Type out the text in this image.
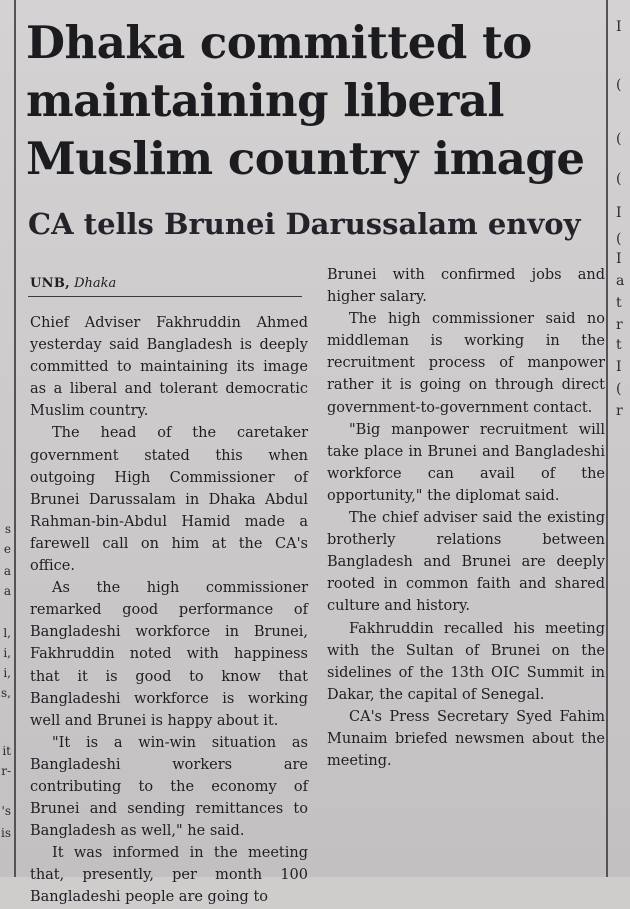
s
e
a
a
l,
i,
i,
s,
it
r-
's
is
Dhaka committed to maintaining liberal Muslim country image
CA tells Brunei Darussalam envoy
UNB, Dhaka

Chief Adviser Fakhruddin Ahmed yesterday said Bangladesh is deeply committed to maintaining its image as a liberal and tolerant democratic Muslim country.

The head of the caretaker government stated this when outgoing High Commissioner of Brunei Darussalam in Dhaka Abdul Rahman-bin-Abdul Hamid made a farewell call on him at the CA's office.

As the high commissioner remarked good performance of Bangladeshi workforce in Brunei, Fakhruddin noted with happiness that it is good to know that Bangladeshi workforce is working well and Brunei is happy about it.

"It is a win-win situation as Bangladeshi workers are contributing to the economy of Brunei and sending remittances to Bangladesh as well," he said.

It was informed in the meeting that, presently, per month 100 Bangladeshi people are going to

Brunei with confirmed jobs and higher salary.

The high commissioner said no middleman is working in the recruitment process of manpower rather it is going on through direct government-to-government contact.

"Big manpower recruitment will take place in Brunei and Bangladeshi workforce can avail of the opportunity," the diplomat said.

The chief adviser said the existing brotherly relations between Bangladesh and Brunei are deeply rooted in common faith and shared culture and history.

Fakhruddin recalled his meeting with the Sultan of Brunei on the sidelines of the 13th OIC Summit in Dakar, the capital of Senegal.

CA's Press Secretary Syed Fahim Munaim briefed newsmen about the meeting.

I
(
(
(
I
(
I
a
t
r
t
I
(
r
